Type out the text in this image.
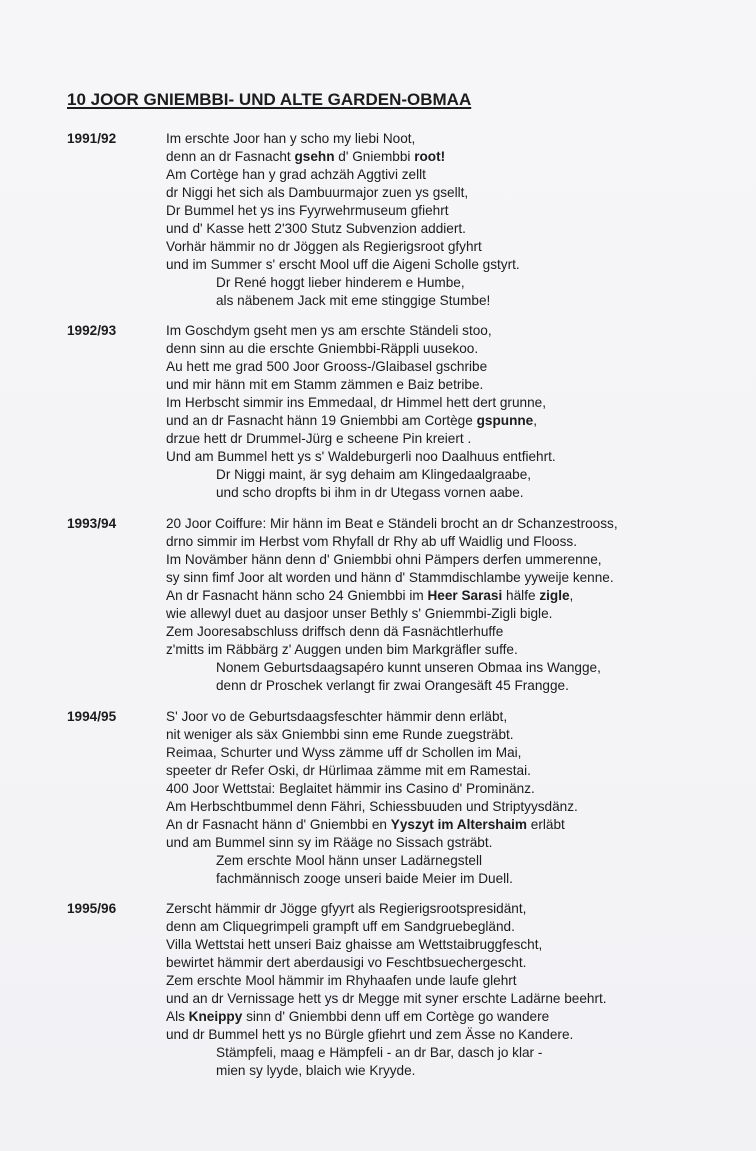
10 JOOR GNIEMBBI- UND ALTE GARDEN-OBMAA
1991/92	Im erschte Joor han y scho my liebi Noot,
denn an dr Fasnacht gsehn d' Gniembbi root!
Am Cortège han y grad achzäh Aggtivi zellt
dr Niggi het sich als Dambuurmajor zuen ys gsellt,
Dr Bummel het ys ins Fyyrwehrmuseum gfiehrt
und d' Kasse hett 2'300 Stutz Subvenzion addiert.
Vorhär hämmir no dr Jöggen als Regierigsroot gfyhrt
und im Summer s' erscht Mool uff die Aigeni Scholle gstyrt.
Dr René hoggt lieber hinderem e Humbe,
als näbenem Jack mit eme stinggige Stumbe!
1992/93	Im Goschdym gseht men ys am erschte Ständeli stoo,
denn sinn au die erschte Gniembbi-Räppli uusekoo.
Au hett me grad 500 Joor Grooss-/Glaibasel gschribe
und mir hänn mit em Stamm zämmen e Baiz betribe.
Im Herbscht simmir ins Emmedaal, dr Himmel hett dert grunne,
und an dr Fasnacht hänn 19 Gniembbi am Cortège gspunne,
drzue hett dr Drummel-Jürg e scheene Pin kreiert .
Und am Bummel hett ys s' Waldeburgerli noo Daalhuus entfiehrt.
Dr Niggi maint, är syg dehaim am Klingedaalgraabe,
und scho dropfts bi ihm in dr Utegass vornen aabe.
1993/94	20 Joor Coiffure: Mir hänn im Beat e Ständeli brocht an dr Schanzestrooss,
drno simmir im Herbst vom Rhyfall dr Rhy ab uff Waidlig und Flooss.
Im Novämber hänn denn d' Gniembbi ohni Pämpers derfen ummerenne,
sy sinn fimf Joor alt worden und hänn d' Stammdischlambe yyweije kenne.
An dr Fasnacht hänn scho 24 Gniembbi im Heer Sarasi hälfe zigle,
wie allewyl duet au dasjoor unser Bethly s' Gniemmbi-Zigli bigle.
Zem Jooresabschluss driffsch denn dä Fasnächtlerhuffe
z'mitts im Räbbärg z' Auggen unden bim Markgräfler suffe.
Nonem Geburtsdaagsapéro kunnt unseren Obmaa ins Wangge,
denn dr Proschek verlangt fir zwai Orangesäft 45 Frangge.
1994/95	S' Joor vo de Geburtsdaagsfeschter hämmir denn erläbt,
nit weniger als säx Gniembbi sinn eme Runde zuegsträbt.
Reimaa, Schurter und Wyss zämme uff dr Schollen im Mai,
speeter dr Refer Oski, dr Hürlimaa zämme mit em Ramestai.
400 Joor Wettstai: Beglaitet hämmir ins Casino d' Prominänz.
Am Herbschtbummel denn Fähri, Schiessbuuden und Striptyysdänz.
An dr Fasnacht hänn d' Gniembbi en Yyszyt im Altershaim erläbt
und am Bummel sinn sy im Rääge no Sissach gsträbt.
Zem erschte Mool hänn unser Ladärnegstell
fachmännisch zooge unseri baide Meier im Duell.
1995/96	Zerscht hämmir dr Jögge gfyyrt als Regierigsrootspresidänt,
denn am Cliquegrimpeli grampft uff em Sandgruebegländ.
Villa Wettstai hett unseri Baiz ghaisse am Wettstaibruggfescht,
bewirtet hämmir dert aberdausigi vo Feschtbsuechergescht.
Zem erschte Mool hämmir im Rhyhaafen unde laufe glehrt
und an dr Vernissage hett ys dr Megge mit syner erschte Ladärne beehrt.
Als Kneippy sinn d' Gniembbi denn uff em Cortège go wandere
und dr Bummel hett ys no Bürgle gfiehrt und zem Ässe no Kandere.
Stämpfeli, maag e Hämpfeli - an dr Bar, dasch jo klar -
mien sy lyyde, blaich wie Kryyde.
